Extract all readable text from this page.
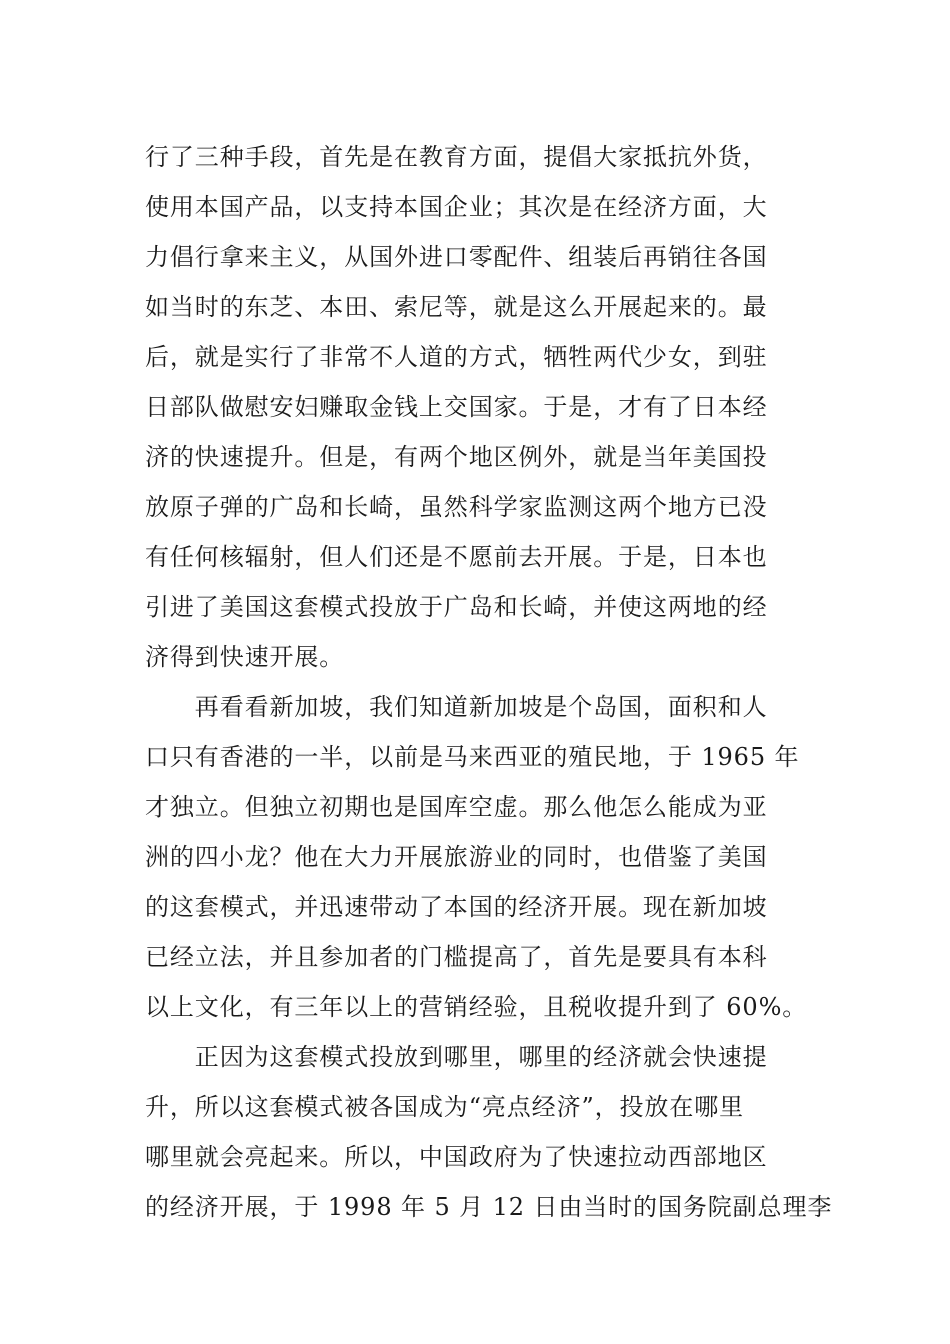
行了三种手段，首先是在教育方面，提倡大家抵抗外货，

使用本国产品，以支持本国企业；其次是在经济方面，大

力倡行拿来主义，从国外进口零配件、组装后再销往各国

如当时的东芝、本田、索尼等，就是这么开展起来的。最

后，就是实行了非常不人道的方式，牺牲两代少女，到驻

日部队做慰安妇赚取金钱上交国家。于是，才有了日本经

济的快速提升。但是，有两个地区例外，就是当年美国投

放原子弹的广岛和长崎，虽然科学家监测这两个地方已没

有任何核辐射，但人们还是不愿前去开展。于是，日本也

引进了美国这套模式投放于广岛和长崎，并使这两地的经

济得到快速开展。

　　再看看新加坡，我们知道新加坡是个岛国，面积和人

口只有香港的一半，以前是马来西亚的殖民地，于 1965 年

才独立。但独立初期也是国库空虚。那么他怎么能成为亚

洲的四小龙？他在大力开展旅游业的同时，也借鉴了美国

的这套模式，并迅速带动了本国的经济开展。现在新加坡

已经立法，并且参加者的门槛提高了，首先是要具有本科

以上文化，有三年以上的营销经验，且税收提升到了 60%。

　　正因为这套模式投放到哪里，哪里的经济就会快速提

升，所以这套模式被各国成为“亮点经济”，投放在哪里

哪里就会亮起来。所以，中国政府为了快速拉动西部地区

的经济开展，于 1998 年 5 月 12 日由当时的国务院副总理李
